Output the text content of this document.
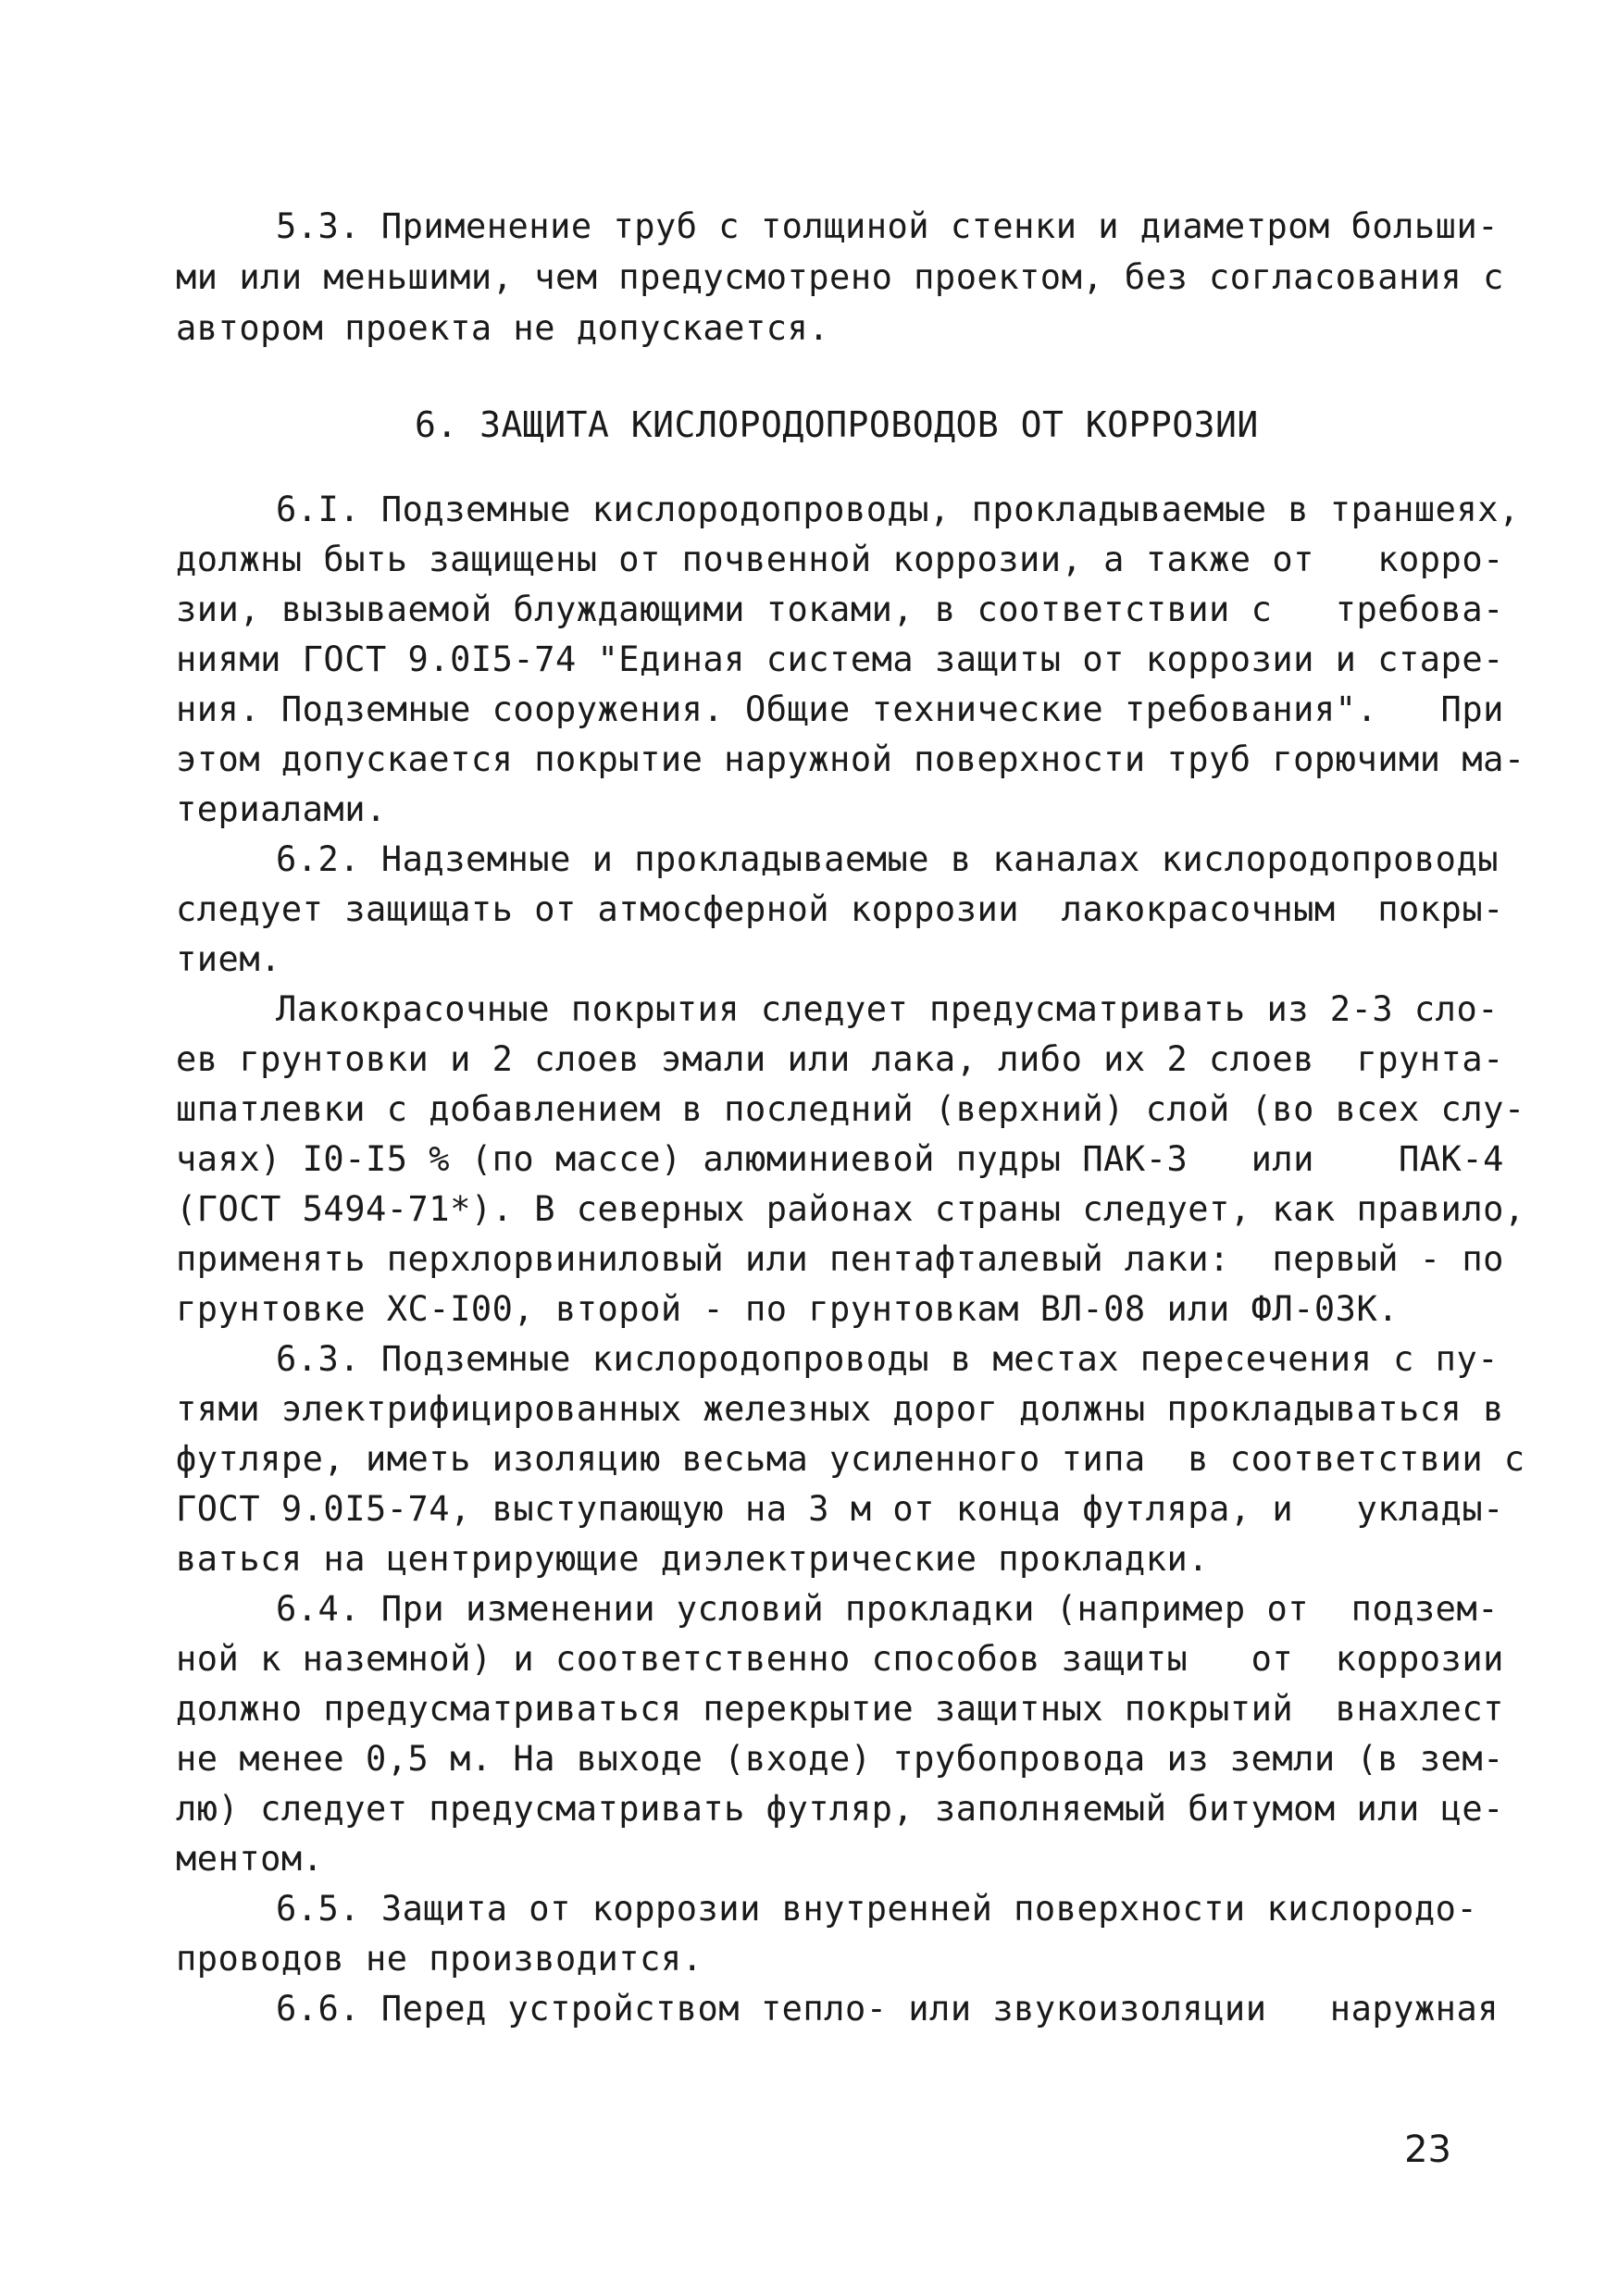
5.3. Применение труб с толщиной стенки и диаметром больши-
ми или меньшими, чем предусмотрено проектом, без согласования с
автором проекта не допускается.
6. ЗАЩИТА КИСЛОРОДОПРОВОДОВ ОТ КОРРОЗИИ
6.I. Подземные кислородопроводы, прокладываемые в траншеях,
должны быть защищены от почвенной коррозии, а также от   корро-
зии, вызываемой блуждающими токами, в соответствии с   требова-
ниями ГОСТ 9.0I5-74 "Единая система защиты от коррозии и старе-
ния. Подземные сооружения. Общие технические требования".   При
этом допускается покрытие наружной поверхности труб горючими ма-
териалами.
6.2. Надземные и прокладываемые в каналах кислородопроводы
следует защищать от атмосферной коррозии  лакокрасочным  покры-
тием.
Лакокрасочные покрытия следует предусматривать из 2-3 сло-
ев грунтовки и 2 слоев эмали или лака, либо их 2 слоев  грунта-
шпатлевки с добавлением в последний (верхний) слой (во всех слу-
чаях) I0-I5 % (по массе) алюминиевой пудры ПАК-3   или    ПАК-4
(ГОСТ 5494-71*). В северных районах страны следует, как правило,
применять перхлорвиниловый или пентафталевый лаки:  первый - по
грунтовке ХС-I00, второй - по грунтовкам ВЛ-08 или ФЛ-03К.
6.3. Подземные кислородопроводы в местах пересечения с пу-
тями электрифицированных железных дорог должны прокладываться в
футляре, иметь изоляцию весьма усиленного типа  в соответствии с
ГОСТ 9.0I5-74, выступающую на 3 м от конца футляра, и   уклады-
ваться на центрирующие диэлектрические прокладки.
6.4. При изменении условий прокладки (например от  подзем-
ной к наземной) и соответственно способов защиты   от  коррозии
должно предусматриваться перекрытие защитных покрытий  внахлест
не менее 0,5 м. На выходе (входе) трубопровода из земли (в зем-
лю) следует предусматривать футляр, заполняемый битумом или це-
ментом.
6.5. Защита от коррозии внутренней поверхности кислородо-
проводов не производится.
6.6. Перед устройством тепло- или звукоизоляции   наружная
23
